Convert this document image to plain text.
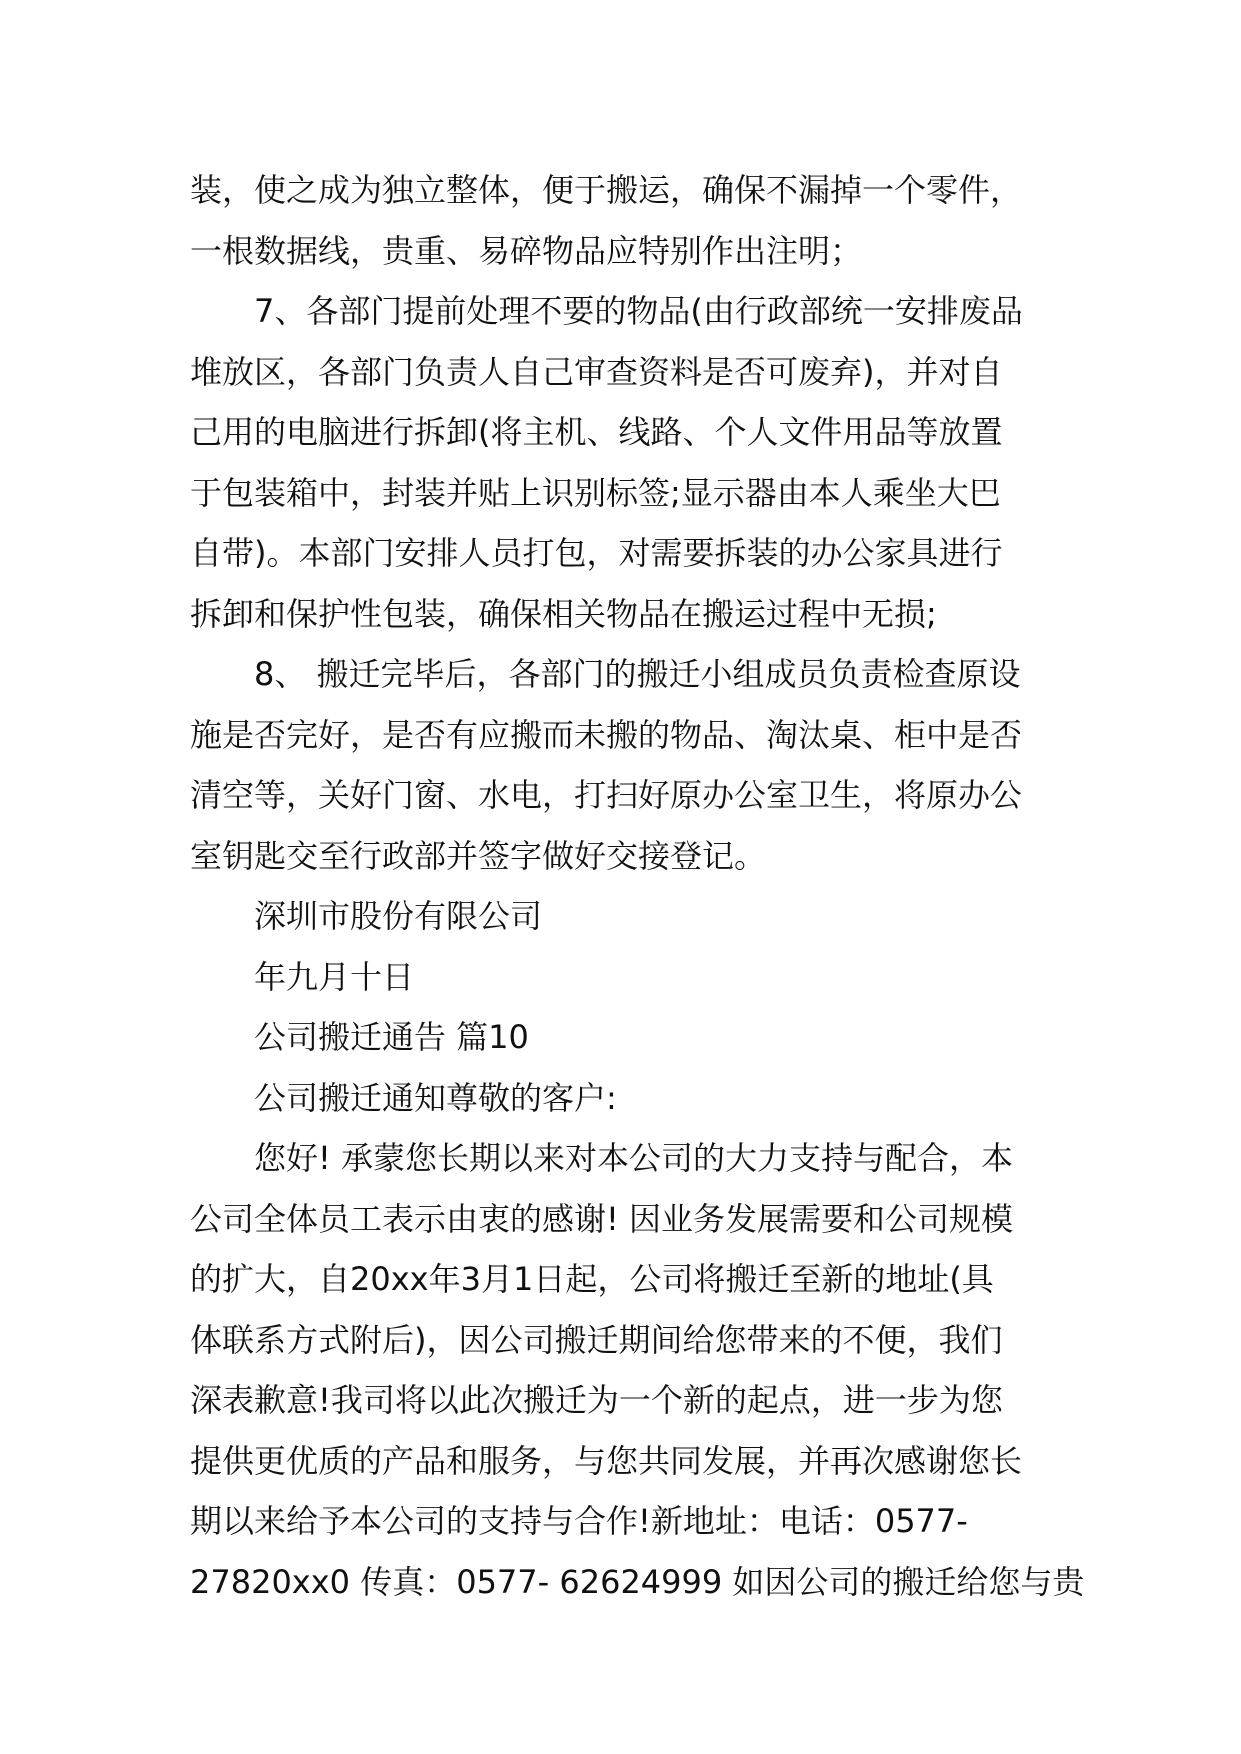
装，使之成为独立整体，便于搬运，确保不漏掉一个零件，
一根数据线，贵重、易碎物品应特别作出注明；

7、各部门提前处理不要的物品(由行政部统一安排废品
堆放区，各部门负责人自己审查资料是否可废弃)，并对自
己用的电脑进行拆卸(将主机、线路、个人文件用品等放置
于包装箱中，封装并贴上识别标签;显示器由本人乘坐大巴
自带)。本部门安排人员打包，对需要拆装的办公家具进行
拆卸和保护性包装，确保相关物品在搬运过程中无损;

8、 搬迁完毕后，各部门的搬迁小组成员负责检查原设
施是否完好，是否有应搬而未搬的物品、淘汰桌、柜中是否
清空等，关好门窗、水电，打扫好原办公室卫生，将原办公
室钥匙交至行政部并签字做好交接登记。

深圳市股份有限公司

年九月十日

公司搬迁通告 篇10

公司搬迁通知尊敬的客户:

您好! 承蒙您长期以来对本公司的大力支持与配合，本
公司全体员工表示由衷的感谢! 因业务发展需要和公司规模
的扩大，自20xx年3月1日起，公司将搬迁至新的地址(具
体联系方式附后)，因公司搬迁期间给您带来的不便，我们
深表歉意!我司将以此次搬迁为一个新的起点，进一步为您
提供更优质的产品和服务，与您共同发展，并再次感谢您长
期以来给予本公司的支持与合作!新地址：电话：0577-
27820xx0 传真：0577- 62624999 如因公司的搬迁给您与贵
